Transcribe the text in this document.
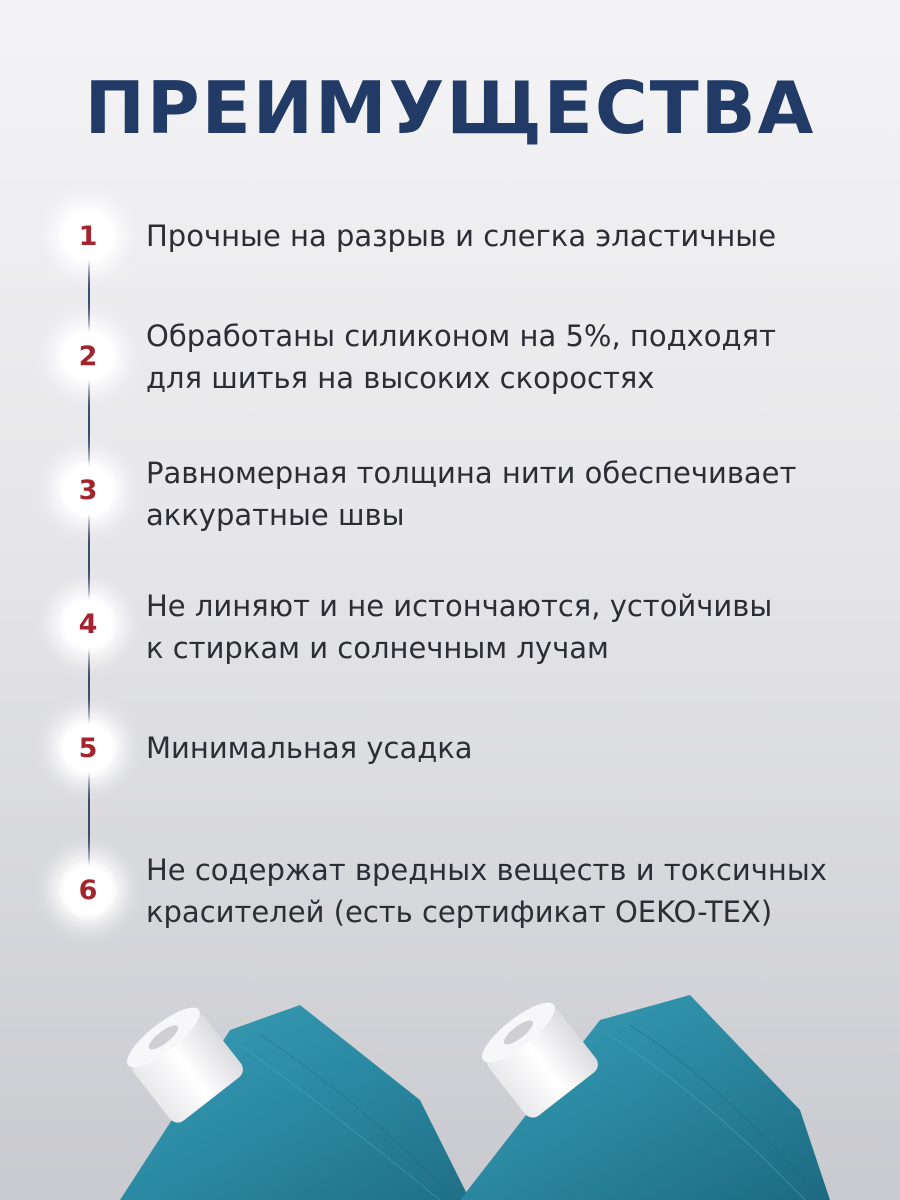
ПРЕИМУЩЕСТВА
1	Прочные на разрыв и слегка эластичные
2
Обработаны силиконом на 5%, подходят
для шитья на высоких скоростях
3	Равномерная толщина нити обеспечивает
аккуратные швы
4
Не линяют и не истончаются, устойчивы
к стиркам и солнечным лучам
5	Минимальная усадка
6
Не содержат вредных веществ и токсичных
красителей (есть сертификат OEKO-TEX)
